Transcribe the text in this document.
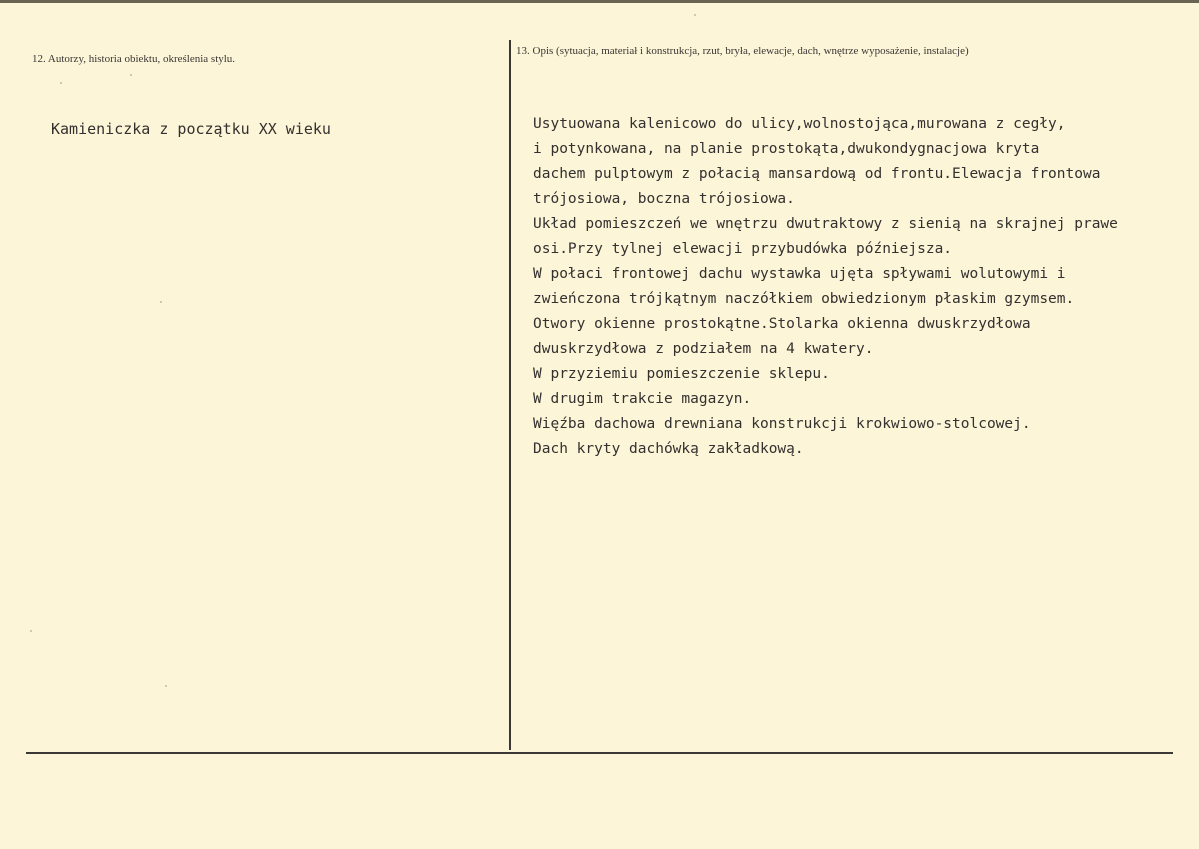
12. Autorzy, historia obiektu, określenia stylu.
13. Opis (sytuacja, materiał i konstrukcja, rzut, bryła, elewacje, dach, wnętrze wyposażenie, instalacje)
Kamieniczka z początku XX wieku	Usytuowana kalenicowo do ulicy,wolnostojąca,murowana z cegły,
i potynkowana, na planie prostokąta,dwukondygnacjowa kryta
dachem pulptowym z połacią mansardową od frontu.Elewacja frontowa
trójosiowa, boczna trójosiowa.
Układ pomieszczeń we wnętrzu dwutraktowy z sienią na skrajnej prawe
osi.Przy tylnej elewacji przybudówka późniejsza.
W połaci frontowej dachu wystawka ujęta spływami wolutowymi i
zwieńczona trójkątnym naczółkiem obwiedzionym płaskim gzymsem.
Otwory okienne prostokątne.Stolarka okienna dwuskrzydłowa
dwuskrzydłowa z podziałem na 4 kwatery.
W przyziemiu pomieszczenie sklepu.
W drugim trakcie magazyn.
Więźba dachowa drewniana konstrukcji krokwiowo-stolcowej.
Dach kryty dachówką zakładkową.
